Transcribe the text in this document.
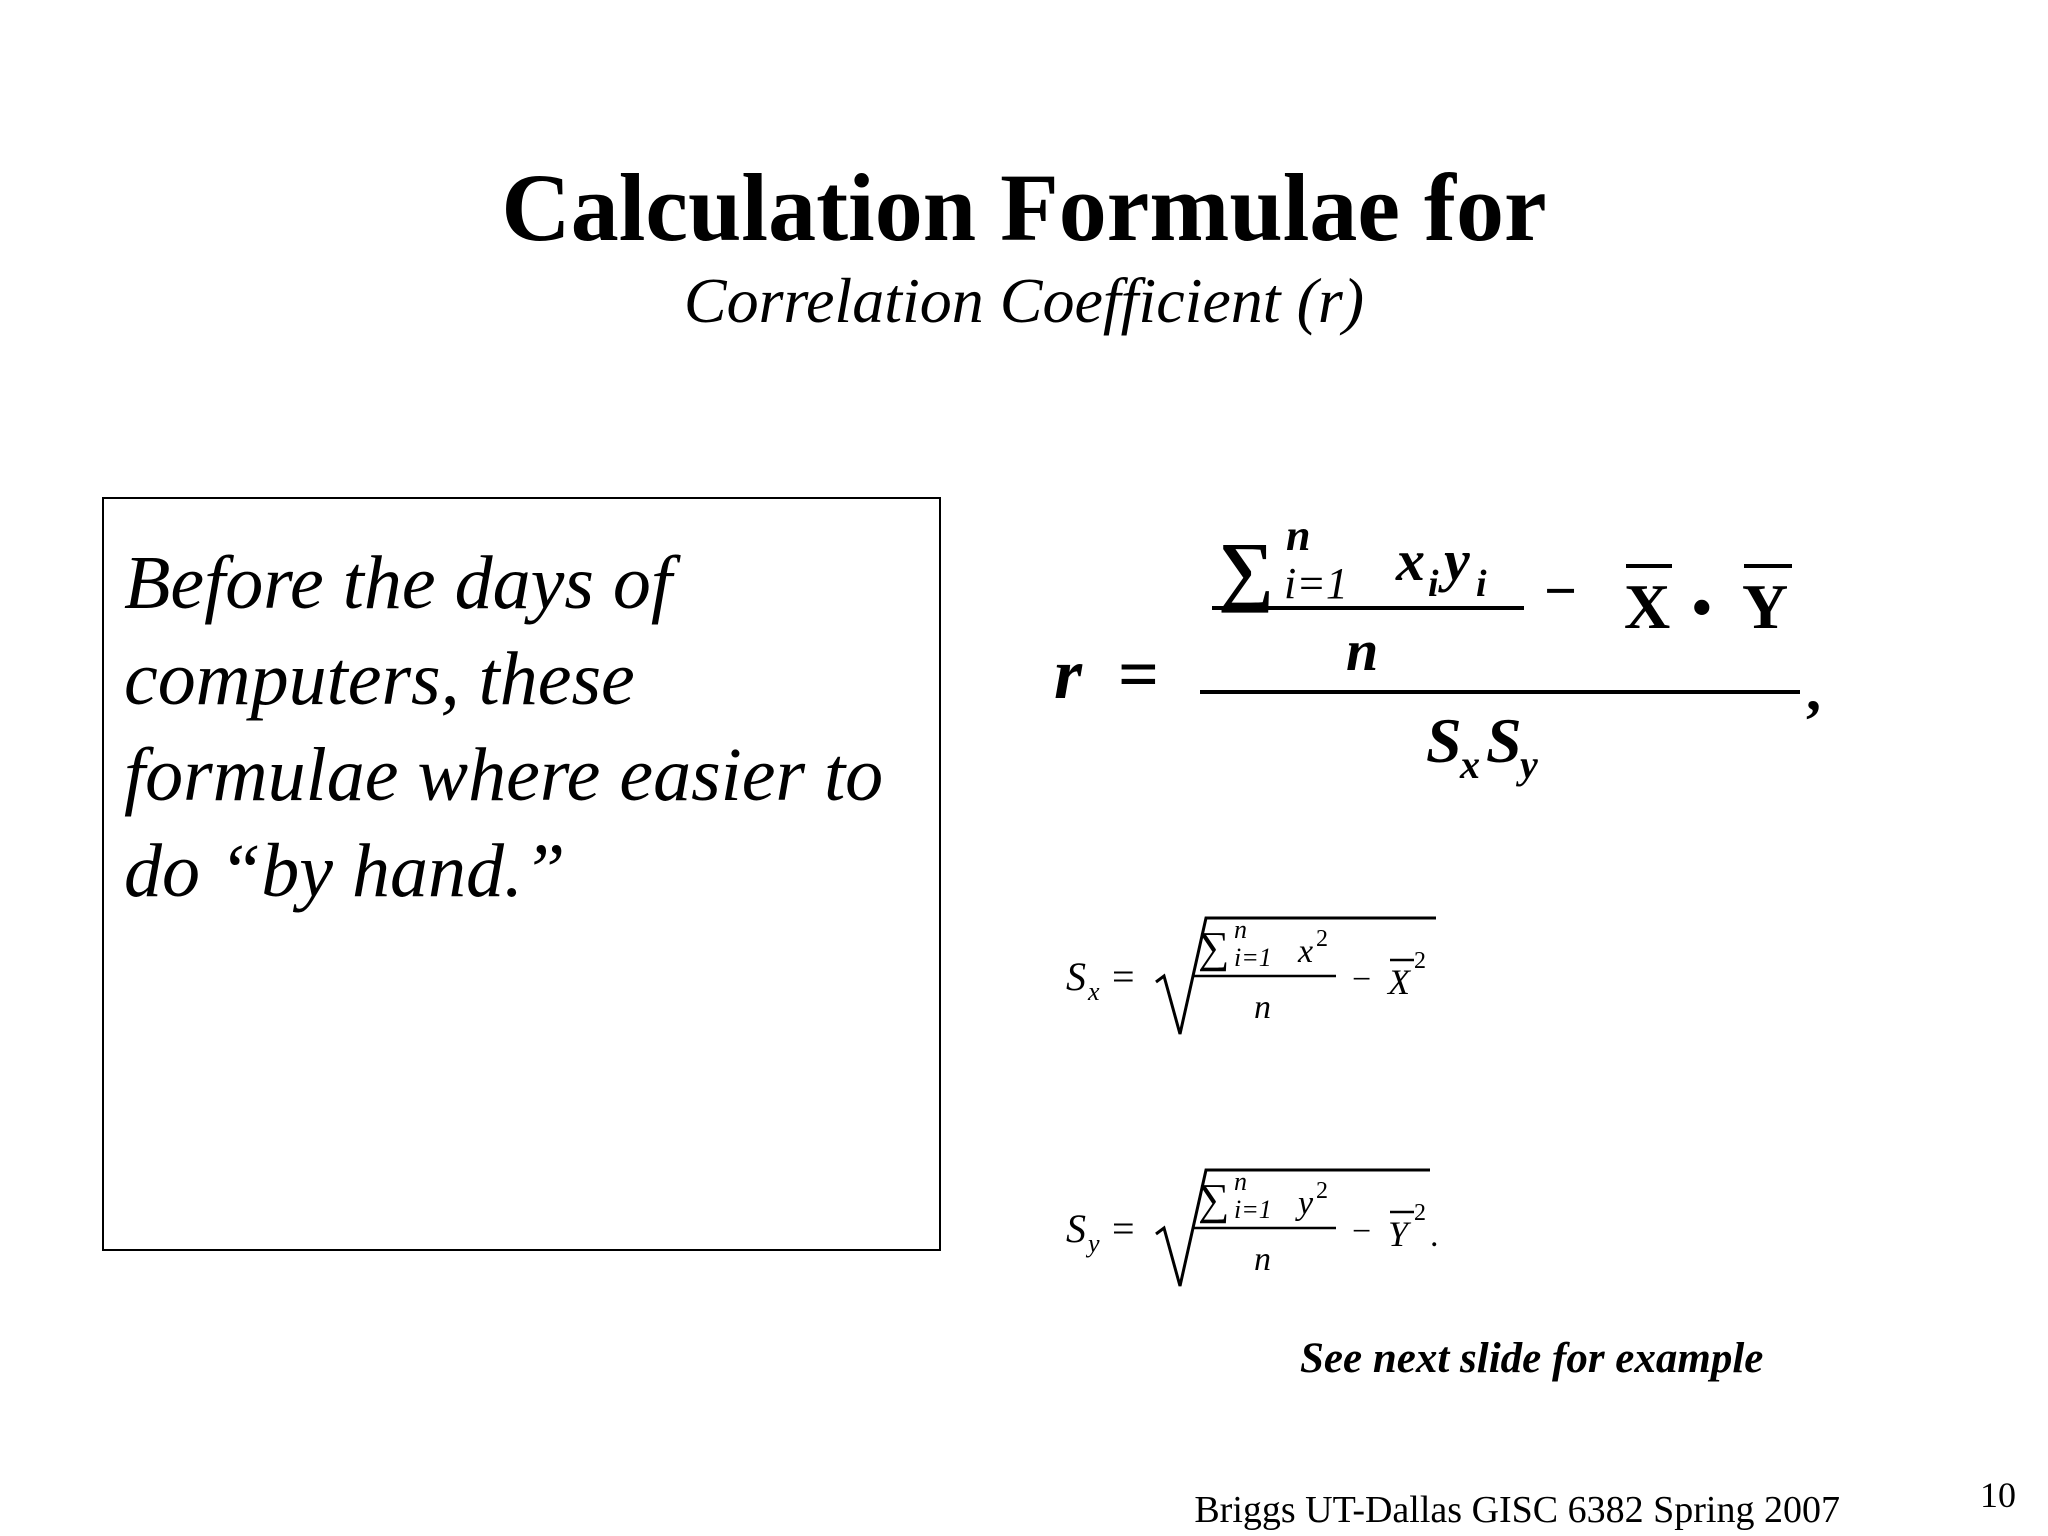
Calculation Formulae for
Correlation Coefficient (r)
Before the days of computers, these formulae where easier to do “by hand.”
r =
∑ n
i=1 x i y i
n
− X • Y
,
S
x S
y
S x =
∑ n
i=1 x 2
n
− X
2
S y =
∑ n
i=1 y 2
n
− Y
2
.
See next slide for example
Briggs UT-Dallas GISC 6382 Spring 2007	10
